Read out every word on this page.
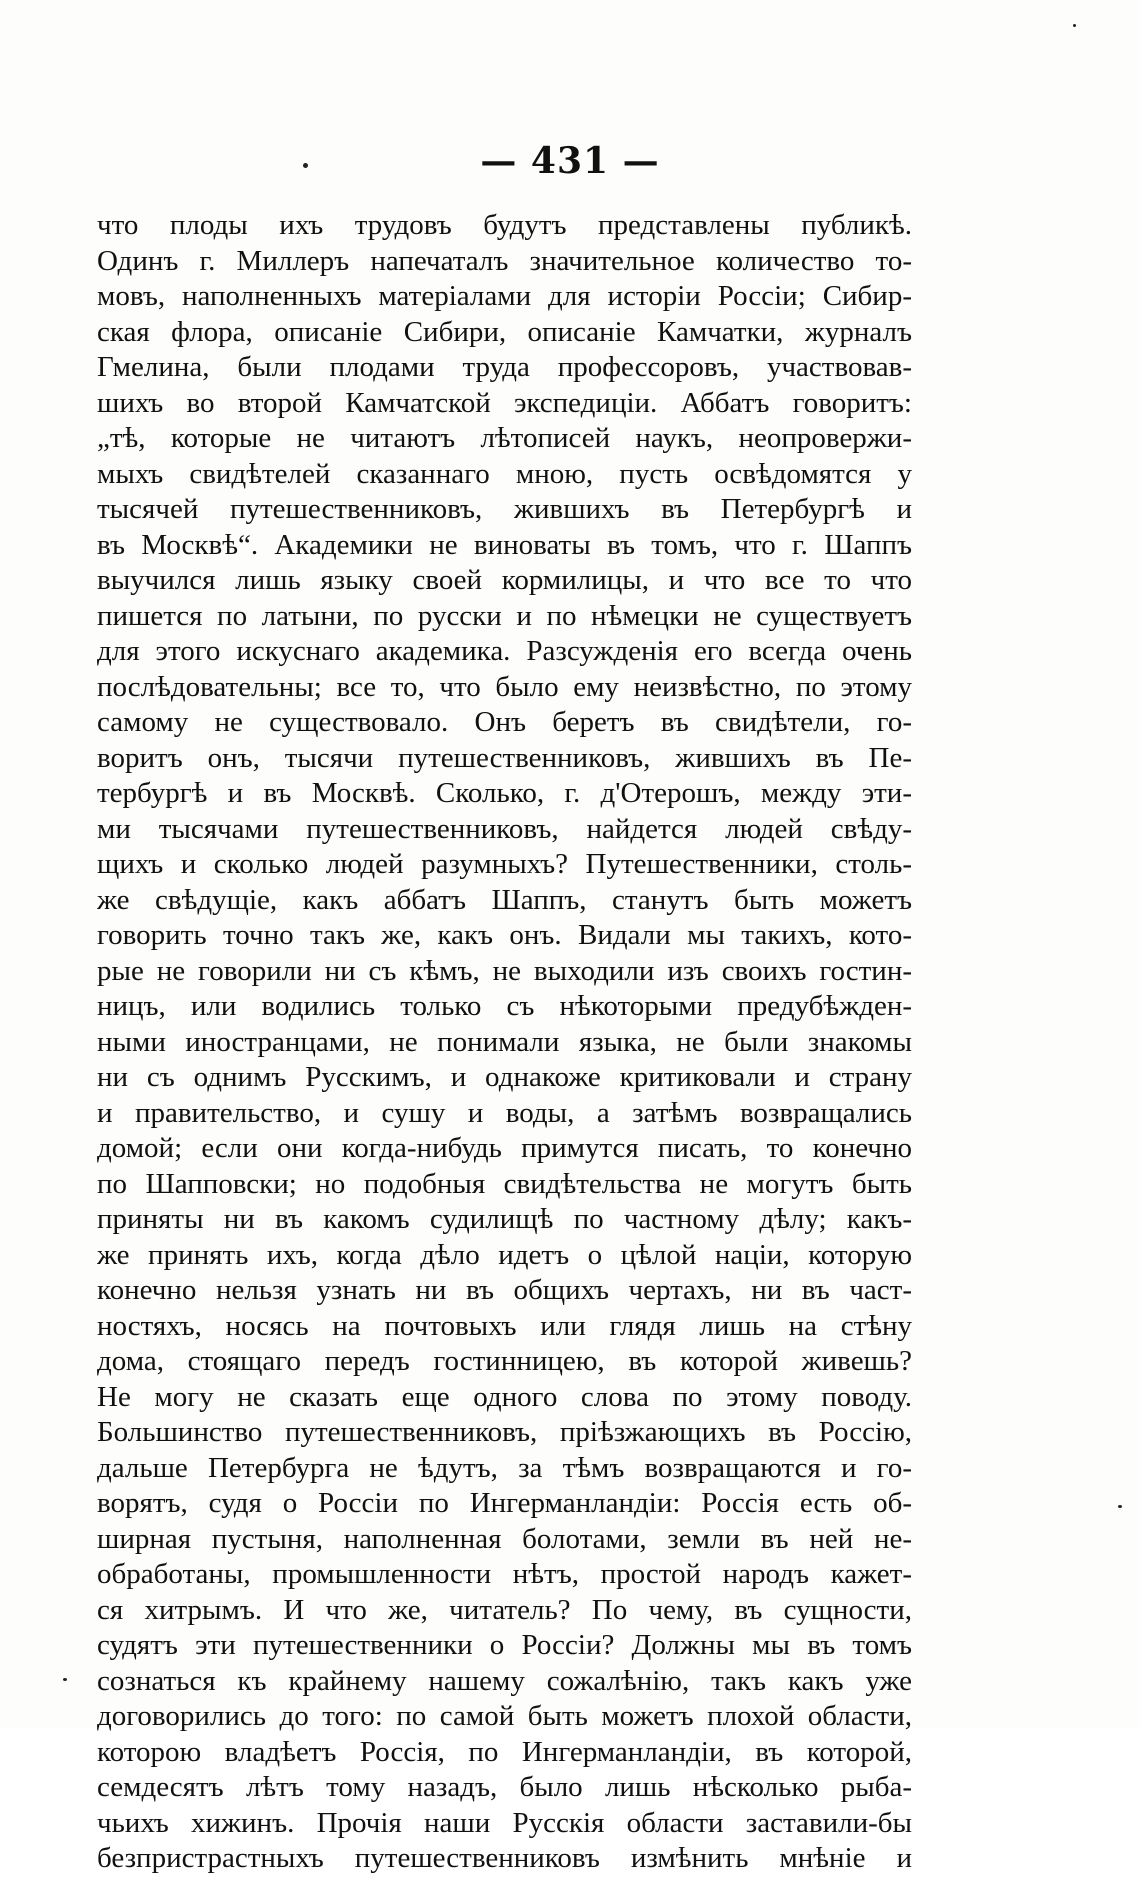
— 431 —
что плоды ихъ трудовъ будутъ представлены публикѣ.
Одинъ г. Миллеръ напечаталъ значительное количество то-
мовъ, наполненныхъ матеріалами для исторіи Россіи; Сибир-
ская флора, описаніе Сибири, описаніе Камчатки, журналъ
Гмелина, были плодами труда профессоровъ, участвовав-
шихъ во второй Камчатской экспедиціи. Аббатъ говоритъ:
„тѣ, которые не читаютъ лѣтописей наукъ, неопровержи-
мыхъ свидѣтелей сказаннаго мною, пусть освѣдомятся у
тысячей путешественниковъ, жившихъ въ Петербургѣ и
въ Москвѣ“. Академики не виноваты въ томъ, что г. Шаппъ
выучился лишь языку своей кормилицы, и что все то что
пишется по латыни, по русски и по нѣмецки не существуетъ
для этого искуснаго академика. Разсужденія его всегда очень
послѣдовательны; все то, что было ему неизвѣстно, по этому
самому не существовало. Онъ беретъ въ свидѣтели, го-
воритъ онъ, тысячи путешественниковъ, жившихъ въ Пе-
тербургѣ и въ Москвѣ. Сколько, г. д'Отерошъ, между эти-
ми тысячами путешественниковъ, найдется людей свѣду-
щихъ и сколько людей разумныхъ? Путешественники, столь-
же свѣдущіе, какъ аббатъ Шаппъ, станутъ быть можетъ
говорить точно такъ же, какъ онъ. Видали мы такихъ, кото-
рые не говорили ни съ кѣмъ, не выходили изъ своихъ гостин-
ницъ, или водились только съ нѣкоторыми предубѣжден-
ными иностранцами, не понимали языка, не были знакомы
ни съ однимъ Русскимъ, и однакоже критиковали и страну
и правительство, и сушу и воды, а затѣмъ возвращались
домой; если они когда-нибудь примутся писать, то конечно
по Шапповски; но подобныя свидѣтельства не могутъ быть
приняты ни въ какомъ судилищѣ по частному дѣлу; какъ-
же принять ихъ, когда дѣло идетъ о цѣлой націи, которую
конечно нельзя узнать ни въ общихъ чертахъ, ни въ част-
ностяхъ, носясь на почтовыхъ или глядя лишь на стѣну
дома, стоящаго передъ гостинницею, въ которой живешь?
Не могу не сказать еще одного слова по этому поводу.
Большинство путешественниковъ, пріѣзжающихъ въ Россію,
дальше Петербурга не ѣдутъ, за тѣмъ возвращаются и го-
ворятъ, судя о Россіи по Ингерманландіи: Россія есть об-
ширная пустыня, наполненная болотами, земли въ ней не-
обработаны, промышленности нѣтъ, простой народъ кажет-
ся хитрымъ. И что же, читатель? По чему, въ сущности,
судятъ эти путешественники о Россіи? Должны мы въ томъ
сознаться къ крайнему нашему сожалѣнію, такъ какъ уже
договорились до того: по самой быть можетъ плохой области,
которою владѣетъ Россія, по Ингерманландіи, въ которой,
семдесятъ лѣтъ тому назадъ, было лишь нѣсколько рыба-
чьихъ хижинъ. Прочія наши Русскія области заставили-бы
безпристрастныхъ путешественниковъ измѣнить мнѣніе и
